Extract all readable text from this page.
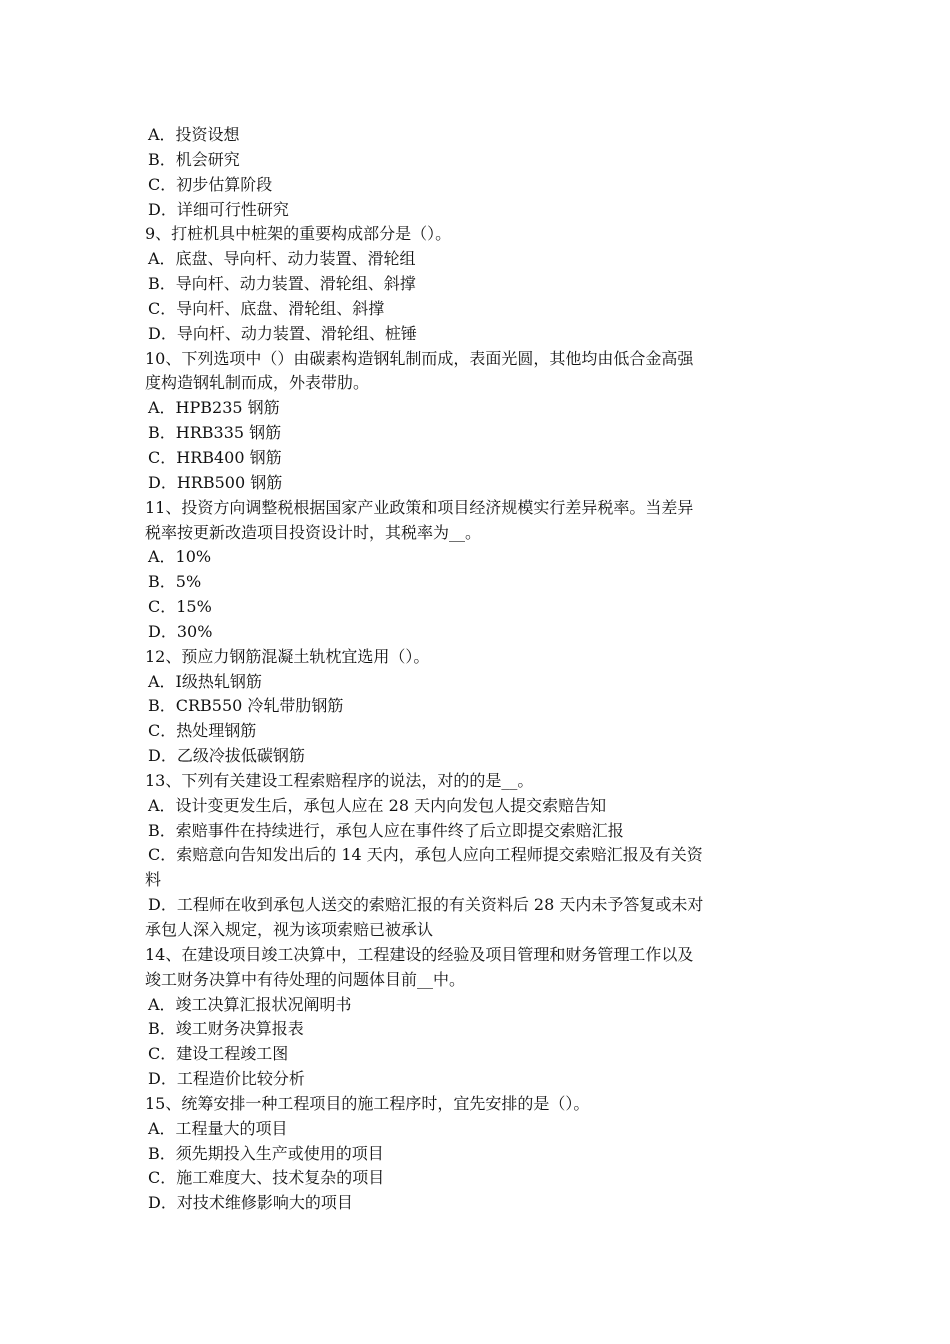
A．投资设想

B．机会研究

C．初步估算阶段

D．详细可行性研究

9、打桩机具中桩架的重要构成部分是（）。

A．底盘、导向杆、动力装置、滑轮组

B．导向杆、动力装置、滑轮组、斜撑

C．导向杆、底盘、滑轮组、斜撑

D．导向杆、动力装置、滑轮组、桩锤

10、下列选项中（）由碳素构造钢轧制而成，表面光圆，其他均由低合金高强

度构造钢轧制而成，外表带肋。

A．HPB235 钢筋

B．HRB335 钢筋

C．HRB400 钢筋

D．HRB500 钢筋

11、投资方向调整税根据国家产业政策和项目经济规模实行差异税率。当差异

税率按更新改造项目投资设计时，其税率为__。

A．10%

B．5%

C．15%

D．30%

12、预应力钢筋混凝土轨枕宜选用（）。

A．Ⅰ级热轧钢筋

B．CRB550 冷轧带肋钢筋

C．热处理钢筋

D．乙级冷拔低碳钢筋

13、下列有关建设工程索赔程序的说法，对的的是__。

A．设计变更发生后，承包人应在 28 天内向发包人提交索赔告知

B．索赔事件在持续进行，承包人应在事件终了后立即提交索赔汇报

C．索赔意向告知发出后的 14 天内，承包人应向工程师提交索赔汇报及有关资

料

D．工程师在收到承包人送交的索赔汇报的有关资料后 28 天内未予答复或未对

承包人深入规定，视为该项索赔已被承认

14、在建设项目竣工决算中，工程建设的经验及项目管理和财务管理工作以及

竣工财务决算中有待处理的问题体目前__中。

A．竣工决算汇报状况阐明书

B．竣工财务决算报表

C．建设工程竣工图

D．工程造价比较分析

15、统筹安排一种工程项目的施工程序时，宜先安排的是（）。

A．工程量大的项目

B．须先期投入生产或使用的项目

C．施工难度大、技术复杂的项目

D．对技术维修影响大的项目
